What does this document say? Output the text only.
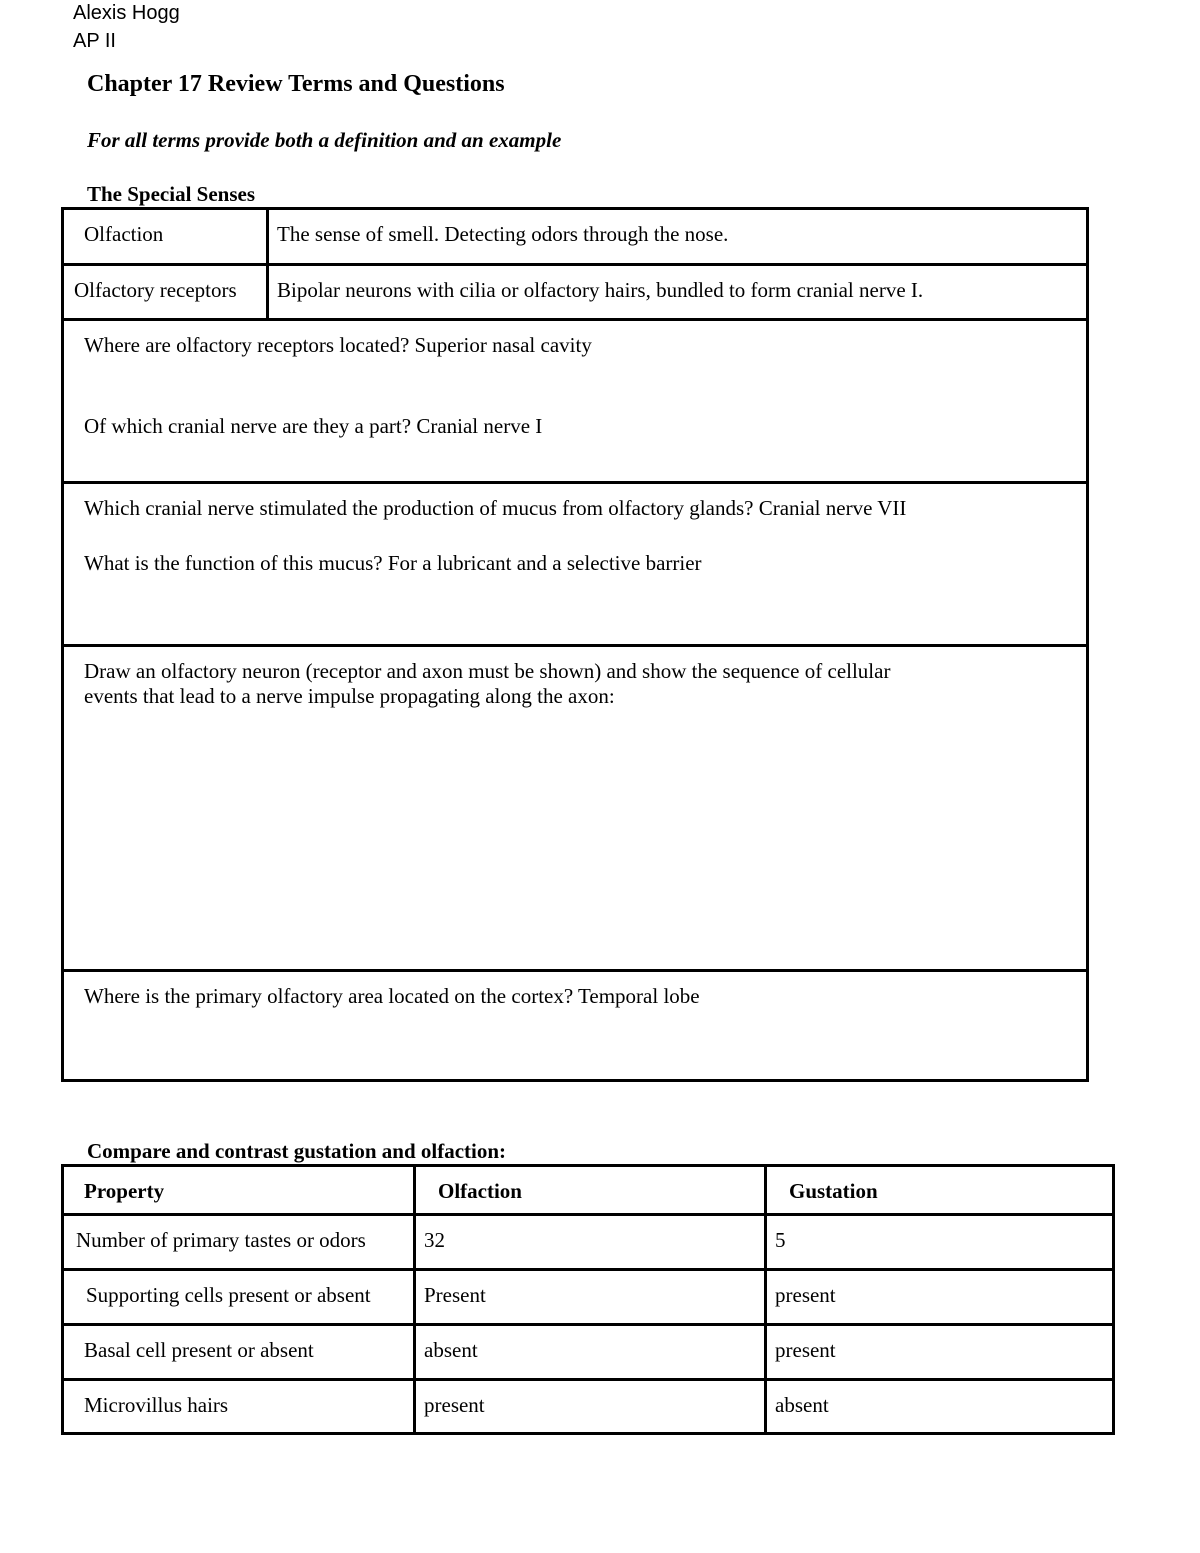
Alexis Hogg
AP II
Chapter 17 Review Terms and Questions
For all terms provide both a definition and an example
The Special Senses
Olfaction	The sense of smell. Detecting odors through the nose.
Olfactory receptors	Bipolar neurons with cilia or olfactory hairs, bundled to form cranial nerve I.

Where are olfactory receptors located? Superior nasal cavity
Of which cranial nerve are they a part? Cranial nerve I	

Which cranial nerve stimulated the production of mucus from olfactory glands? Cranial nerve VII
What is the function of this mucus? For a lubricant and a selective barrier	

Draw an olfactory neuron (receptor and axon must be shown) and show the sequence of cellular
events that lead to a nerve impulse propagating along the axon:	

Where is the primary olfactory area located on the cortex? Temporal lobe	
Compare and contrast gustation and olfaction:
Property	Olfaction	Gustation
Number of primary tastes or odors	32	5
Supporting cells present or absent	Present	present
Basal cell present or absent	absent	present
Microvillus hairs	present	absent
